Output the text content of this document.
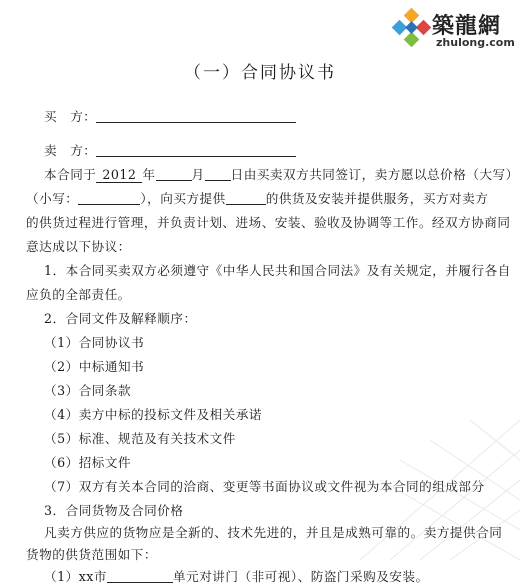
築龍網
zhulong.com
（一）合同协议书
买　方：
卖　方：
本合同于 2012 年	月 日由买卖双方共同签订，卖方愿以总价格（大写）
（小写：	），向买方提供	的供货及安装并提供服务，买方对卖方
的供货过程进行管理，并负责计划、进场、安装、验收及协调等工作。经双方协商同
意达成以下协议：
1．本合同买卖双方必须遵守《中华人民共和国合同法》及有关规定，并履行各自
应负的全部责任。
2．合同文件及解释顺序：
（1）合同协议书
（2）中标通知书
（3）合同条款
（4）卖方中标的投标文件及相关承诺
（5）标准、规范及有关技术文件
（6）招标文件
（7）双方有关本合同的洽商、变更等书面协议或文件视为本合同的组成部分
3．合同货物及合同价格
凡卖方供应的货物应是全新的、技术先进的，并且是成熟可靠的。卖方提供合同
货物的供货范围如下：
（1）xx市	单元对讲门（非可视）、防盗门采购及安装。
